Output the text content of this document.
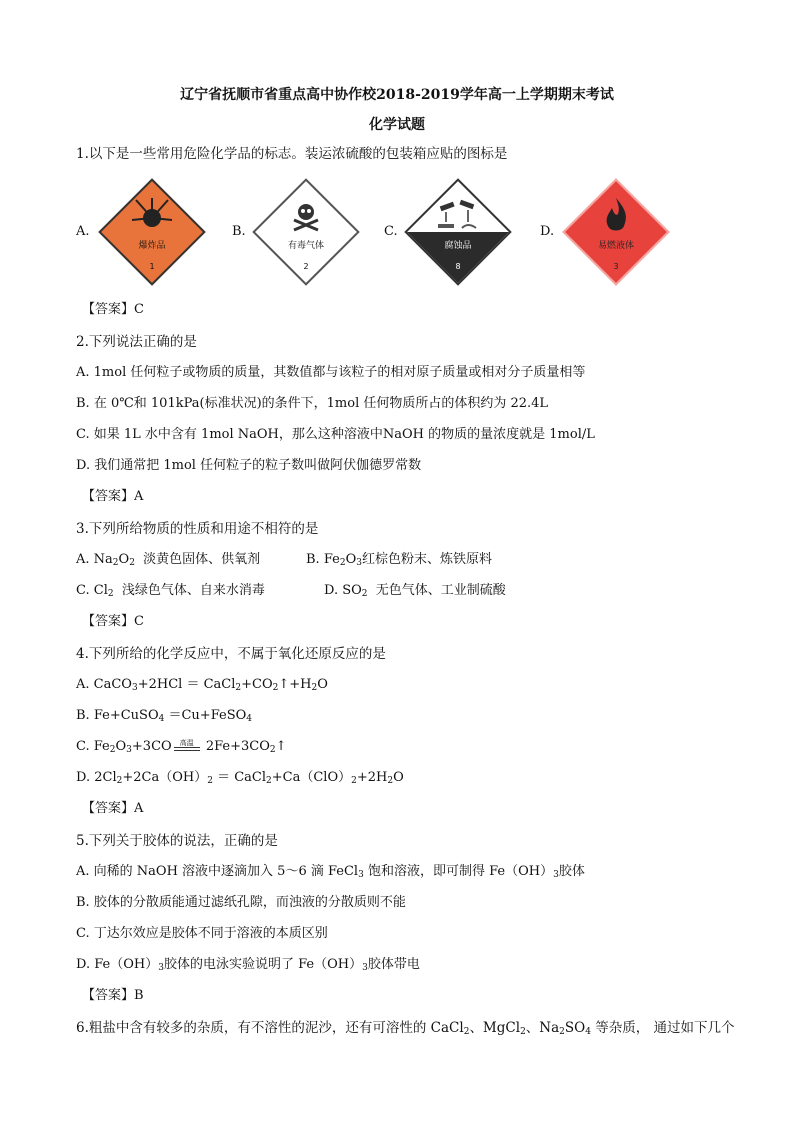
辽宁省抚顺市省重点高中协作校2018-2019学年高一上学期期末考试
化学试题
1.以下是一些常用危险化学品的标志。装运浓硫酸的包装箱应贴的图标是
A.
爆炸品
1
B.
有毒气体
2
C.
腐蚀品
8
D.
易燃液体
3
【答案】C
2.下列说法正确的是
A. 1mol 任何粒子或物质的质量，其数值都与该粒子的相对原子质量或相对分子质量相等
B. 在 0℃和 101kPa(标准状况)的条件下，1mol 任何物质所占的体积约为 22.4L
C. 如果 1L 水中含有 1mol NaOH，那么这种溶液中NaOH 的物质的量浓度就是 1mol/L
D. 我们通常把 1mol 任何粒子的粒子数叫做阿伏伽德罗常数
【答案】A
3.下列所给物质的性质和用途不相符的是
A. $Na_2O_2$  淡黄色固体、供氧剂	B. $Fe_2O_3$红棕色粉末、炼铁原料
C. $Cl_2$  浅绿色气体、自来水消毒	D. $SO_2$  无色气体、工业制硫酸
【答案】C
4.下列所给的化学反应中，不属于氧化还原反应的是
A. CaCO$_3$+2HCl ＝ $CaCl_2+CO_2↑+H_2O$
B. Fe+CuSO$_4$ ＝Cu+FeSO$_4$
C. $Fe_2O_3+3CO$	高温 $2Fe+3CO_2↑$
D. $2Cl_2+2Ca(OH)_2$ ＝ $CaCl_2+Ca(ClO)_2+2H_2O$
【答案】A
5.下列关于胶体的说法，正确的是
A. 向稀的 NaOH 溶液中逐滴加入 5～6 滴 FeCl$_3$ 饱和溶液，即可制得 $Fe(OH)_3$胶体
B. 胶体的分散质能通过滤纸孔隙，而浊液的分散质则不能
C. 丁达尔效应是胶体不同于溶液的本质区别
D. $Fe(OH)_3$胶体的电泳实验说明了 $Fe(OH)_3$胶体带电
【答案】B
6.粗盐中含有较多的杂质，有不溶性的泥沙，还有可溶性的 CaCl$_2$、MgCl$_2$、$Na_2SO_4$ 等杂质， 通过如下几个
